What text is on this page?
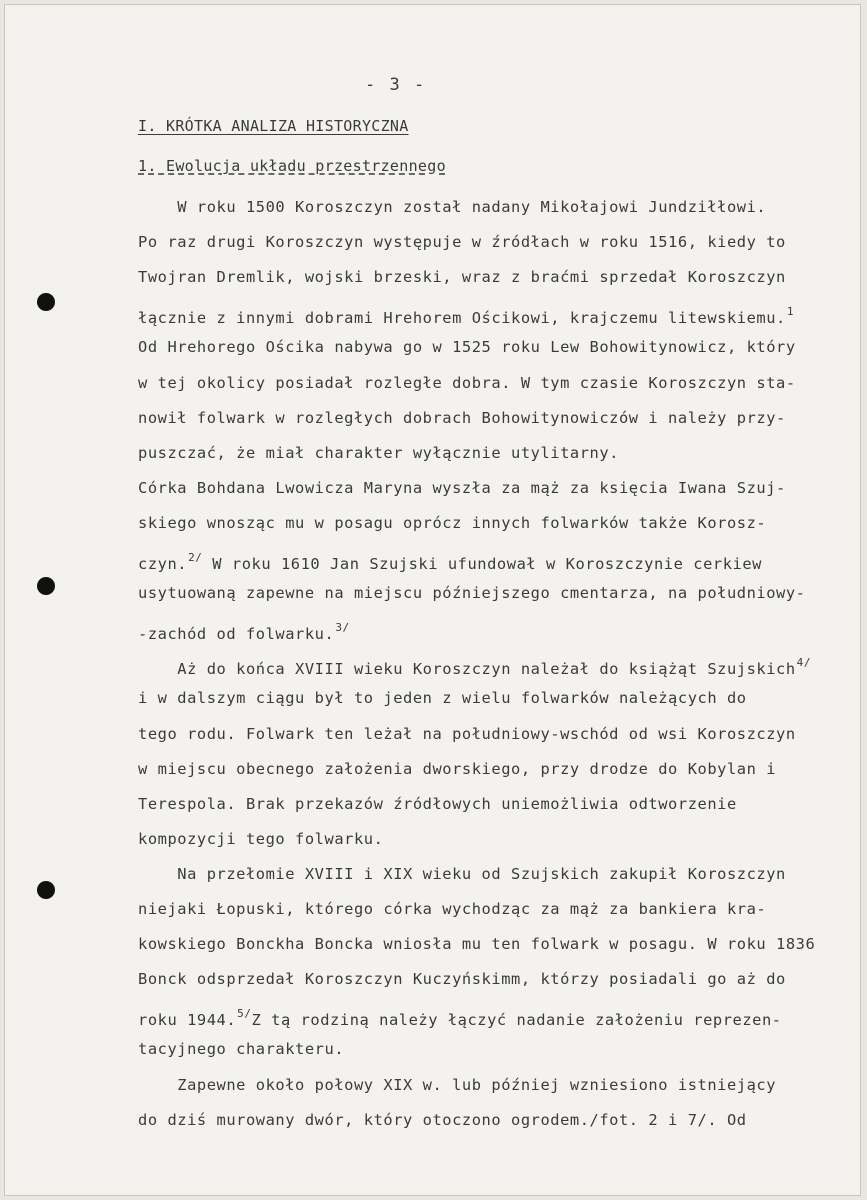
- 3 -
I. KRÓTKA ANALIZA HISTORYCZNA
1. Ewolucja układu przestrzennego
W roku 1500 Koroszczyn został nadany Mikołajowi Jundziłłowi.
Po raz drugi Koroszczyn występuje w źródłach w roku 1516, kiedy to
Twojran Dremlik, wojski brzeski, wraz z braćmi sprzedał Koroszczyn
łącznie z innymi dobrami Hrehorem Ościkowi, krajczemu litewskiemu.$^1$
Od Hrehorego Ościka nabywa go w 1525 roku Lew Bohowitynowicz, który
w tej okolicy posiadał rozległe dobra. W tym czasie Koroszczyn sta-
nowił folwark w rozległych dobrach Bohowitynowiczów i należy przy-
puszczać, że miał charakter wyłącznie utylitarny.
Córka Bohdana Lwowicza Maryna wyszła za mąż za księcia Iwana Szuj-
skiego wnosząc mu w posagu oprócz innych folwarków także Korosz-
czyn.$^{2/}$ W roku 1610 Jan Szujski ufundował w Koroszczynie cerkiew
usytuowaną zapewne na miejscu późniejszego cmentarza, na południowy-
-zachód od folwarku.$^{3/}$
Aż do końca XVIII wieku Koroszczyn należał do książąt Szujskich$^{4/}$
i w dalszym ciągu był to jeden z wielu folwarków należących do
tego rodu. Folwark ten leżał na południowy-wschód od wsi Koroszczyn
w miejscu obecnego założenia dworskiego, przy drodze do Kobylan i
Terespola. Brak przekazów źródłowych uniemożliwia odtworzenie
kompozycji tego folwarku.
Na przełomie XVIII i XIX wieku od Szujskich zakupił Koroszczyn
niejaki Łopuski, którego córka wychodząc za mąż za bankiera kra-
kowskiego Bonckha Boncka wniosła mu ten folwark w posagu. W roku 1836
Bonck odsprzedał Koroszczyn Kuczyńskimm, którzy posiadali go aż do
roku 1944.$^{5/}$Z tą rodziną należy łączyć nadanie założeniu reprezen-
tacyjnego charakteru.
Zapewne około połowy XIX w. lub później wzniesiono istniejący
do dziś murowany dwór, który otoczono ogrodem./fot. 2 i 7/. Od
